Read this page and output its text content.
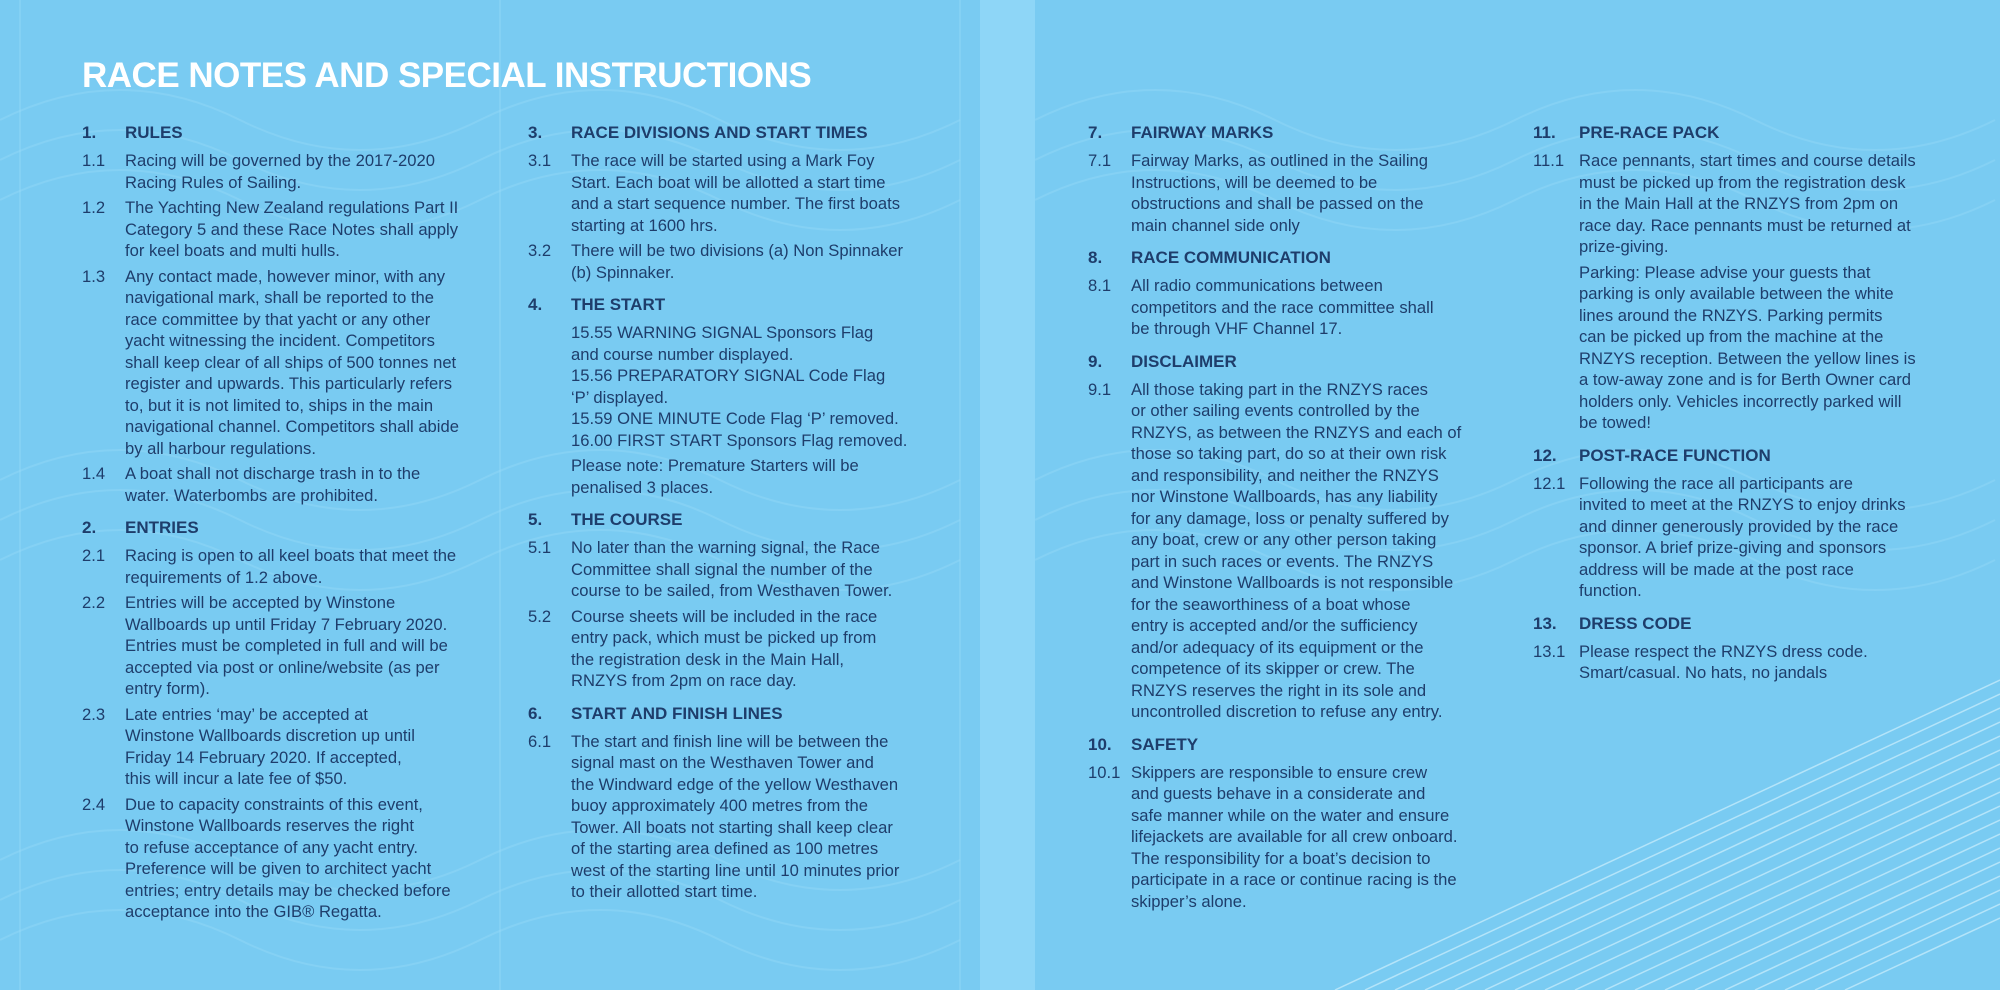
RACE NOTES AND SPECIAL INSTRUCTIONS
1.	RULES
1.1	Racing will be governed by the 2017-2020
Racing Rules of Sailing.
1.2	The Yachting New Zealand regulations Part II
Category 5 and these Race Notes shall apply
for keel boats and multi hulls.
1.3	Any contact made, however minor, with any
navigational mark, shall be reported to the
race committee by that yacht or any other
yacht witnessing the incident. Competitors
shall keep clear of all ships of 500 tonnes net
register and upwards. This particularly refers
to, but it is not limited to, ships in the main
navigational channel. Competitors shall abide
by all harbour regulations.
1.4	A boat shall not discharge trash in to the
water. Waterbombs are prohibited.
2.	ENTRIES
2.1	Racing is open to all keel boats that meet the
requirements of 1.2 above.
2.2	Entries will be accepted by Winstone
Wallboards up until Friday 7 February 2020.
Entries must be completed in full and will be
accepted via post or online/website (as per
entry form).
2.3	Late entries ‘may’ be accepted at
Winstone Wallboards discretion up until
Friday 14 February 2020. If accepted,
this will incur a late fee of $50.
2.4	Due to capacity constraints of this event,
Winstone Wallboards reserves the right
to refuse acceptance of any yacht entry.
Preference will be given to architect yacht
entries; entry details may be checked before
acceptance into the GIB® Regatta.
3.	RACE DIVISIONS AND START TIMES
3.1	The race will be started using a Mark Foy
Start. Each boat will be allotted a start time
and a start sequence number. The first boats
starting at 1600 hrs.
3.2	There will be two divisions (a) Non Spinnaker
(b) Spinnaker.
4.	THE START
15.55 WARNING SIGNAL Sponsors Flag
and course number displayed.
15.56 PREPARATORY SIGNAL Code Flag
‘P’ displayed.
15.59 ONE MINUTE Code Flag ‘P’ removed.
16.00 FIRST START Sponsors Flag removed.
Please note: Premature Starters will be
penalised 3 places.
5.	THE COURSE
5.1	No later than the warning signal, the Race
Committee shall signal the number of the
course to be sailed, from Westhaven Tower.
5.2	Course sheets will be included in the race
entry pack, which must be picked up from
the registration desk in the Main Hall,
RNZYS from 2pm on race day.
6.	START AND FINISH LINES
6.1	The start and finish line will be between the
signal mast on the Westhaven Tower and
the Windward edge of the yellow Westhaven
buoy approximately 400 metres from the
Tower. All boats not starting shall keep clear
of the starting area defined as 100 metres
west of the starting line until 10 minutes prior
to their allotted start time.
7.	FAIRWAY MARKS
7.1	Fairway Marks, as outlined in the Sailing
Instructions, will be deemed to be
obstructions and shall be passed on the
main channel side only
8.	RACE COMMUNICATION
8.1	All radio communications between
competitors and the race committee shall
be through VHF Channel 17.
9.	DISCLAIMER
9.1	All those taking part in the RNZYS races
or other sailing events controlled by the
RNZYS, as between the RNZYS and each of
those so taking part, do so at their own risk
and responsibility, and neither the RNZYS
nor Winstone Wallboards, has any liability
for any damage, loss or penalty suffered by
any boat, crew or any other person taking
part in such races or events. The RNZYS
and Winstone Wallboards is not responsible
for the seaworthiness of a boat whose
entry is accepted and/or the sufficiency
and/or adequacy of its equipment or the
competence of its skipper or crew. The
RNZYS reserves the right in its sole and
uncontrolled discretion to refuse any entry.
10.	SAFETY
10.1 Skippers are responsible to ensure crew
and guests behave in a considerate and
safe manner while on the water and ensure
lifejackets are available for all crew onboard.
The responsibility for a boat’s decision to
participate in a race or continue racing is the
skipper’s alone.
11.	PRE-RACE PACK
11.1 Race pennants, start times and course details
must be picked up from the registration desk
in the Main Hall at the RNZYS from 2pm on
race day. Race pennants must be returned at
prize-giving.
Parking: Please advise your guests that
parking is only available between the white
lines around the RNZYS. Parking permits
can be picked up from the machine at the
RNZYS reception. Between the yellow lines is
a tow-away zone and is for Berth Owner card
holders only. Vehicles incorrectly parked will
be towed!
12.	POST-RACE FUNCTION
12.1 Following the race all participants are
invited to meet at the RNZYS to enjoy drinks
and dinner generously provided by the race
sponsor. A brief prize-giving and sponsors
address will be made at the post race
function.
13.	DRESS CODE
13.1 Please respect the RNZYS dress code.
Smart/casual. No hats, no jandals
